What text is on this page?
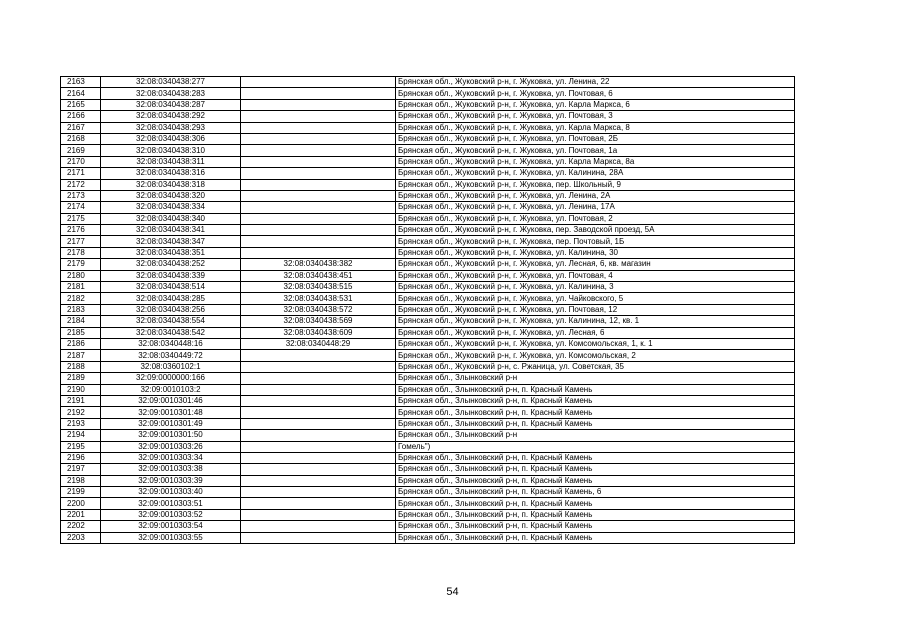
2163	32:08:0340438:277			Брянская обл., Жуковский р-н, г. Жуковка, ул. Ленина, 22
2164	32:08:0340438:283			Брянская обл., Жуковский р-н, г. Жуковка, ул. Почтовая, 6
2165	32:08:0340438:287			Брянская обл., Жуковский р-н, г. Жуковка, ул. Карла Маркса, 6
2166	32:08:0340438:292			Брянская обл., Жуковский р-н, г. Жуковка, ул. Почтовая, 3
2167	32:08:0340438:293			Брянская обл., Жуковский р-н, г. Жуковка, ул. Карла Маркса, 8
2168	32:08:0340438:306			Брянская обл., Жуковский р-н, г. Жуковка, ул. Почтовая, 2Б
2169	32:08:0340438:310			Брянская обл., Жуковский р-н, г. Жуковка, ул. Почтовая, 1а
2170	32:08:0340438:311			Брянская обл., Жуковский р-н, г. Жуковка, ул. Карла Маркса, 8а
2171	32:08:0340438:316			Брянская обл., Жуковский р-н, г. Жуковка, ул. Калинина, 28А
2172	32:08:0340438:318			Брянская обл., Жуковский р-н, г. Жуковка, пер. Школьный, 9
2173	32:08:0340438:320			Брянская обл., Жуковский р-н, г. Жуковка, ул. Ленина, 2А
2174	32:08:0340438:334			Брянская обл., Жуковский р-н, г. Жуковка, ул. Ленина, 17А
2175	32:08:0340438:340			Брянская обл., Жуковский р-н, г. Жуковка, ул. Почтовая, 2
2176	32:08:0340438:341			Брянская обл., Жуковский р-н, г. Жуковка, пер. Заводской проезд, 5А
2177	32:08:0340438:347			Брянская обл., Жуковский р-н, г. Жуковка, пер. Почтовый, 1Б
2178	32:08:0340438:351			Брянская обл., Жуковский р-н, г. Жуковка, ул. Калинина, 30
2179	32:08:0340438:252	32:08:0340438:382		Брянская обл., Жуковский р-н, г. Жуковка, ул. Лесная, 6, кв. магазин
2180	32:08:0340438:339	32:08:0340438:451		Брянская обл., Жуковский р-н, г. Жуковка, ул. Почтовая, 4
2181	32:08:0340438:514	32:08:0340438:515		Брянская обл., Жуковский р-н, г. Жуковка, ул. Калинина, 3
2182	32:08:0340438:285	32:08:0340438:531		Брянская обл., Жуковский р-н, г. Жуковка, ул. Чайковского, 5
2183	32:08:0340438:256	32:08:0340438:572		Брянская обл., Жуковский р-н, г. Жуковка, ул. Почтовая, 12
2184	32:08:0340438:554	32:08:0340438:569		Брянская обл., Жуковский р-н, г. Жуковка, ул. Калинина, 12, кв. 1
2185	32:08:0340438:542	32:08:0340438:609		Брянская обл., Жуковский р-н, г. Жуковка, ул. Лесная, 6
2186	32:08:0340448:16	32:08:0340448:29		Брянская обл., Жуковский р-н, г. Жуковка, ул. Комсомольская, 1, к. 1
2187	32:08:0340449:72			Брянская обл., Жуковский р-н, г. Жуковка, ул. Комсомольская, 2
2188	32:08:0360102:1			Брянская обл., Жуковский р-н, с. Ржаница, ул. Советская, 35
2189	32:09:0000000:166			Брянская обл., Злынковский р-н
2190	32:09:0010103:2			Брянская обл., Злынковский р-н, п. Красный Камень
2191	32:09:0010301:46			Брянская обл., Злынковский р-н, п. Красный Камень
2192	32:09:0010301:48			Брянская обл., Злынковский р-н, п. Красный Камень
2193	32:09:0010301:49			Брянская обл., Злынковский р-н, п. Красный Камень
2194	32:09:0010301:50			Брянская обл., Злынковский р-н
2195	32:09:0010303:26			Гомель")
2196	32:09:0010303:34			Брянская обл., Злынковский р-н, п. Красный Камень
2197	32:09:0010303:38			Брянская обл., Злынковский р-н, п. Красный Камень
2198	32:09:0010303:39			Брянская обл., Злынковский р-н, п. Красный Камень
2199	32:09:0010303:40			Брянская обл., Злынковский р-н, п. Красный Камень, 6
2200	32:09:0010303:51			Брянская обл., Злынковский р-н, п. Красный Камень
2201	32:09:0010303:52			Брянская обл., Злынковский р-н, п. Красный Камень
2202	32:09:0010303:54			Брянская обл., Злынковский р-н, п. Красный Камень
2203	32:09:0010303:55			Брянская обл., Злынковский р-н, п. Красный Камень
54
